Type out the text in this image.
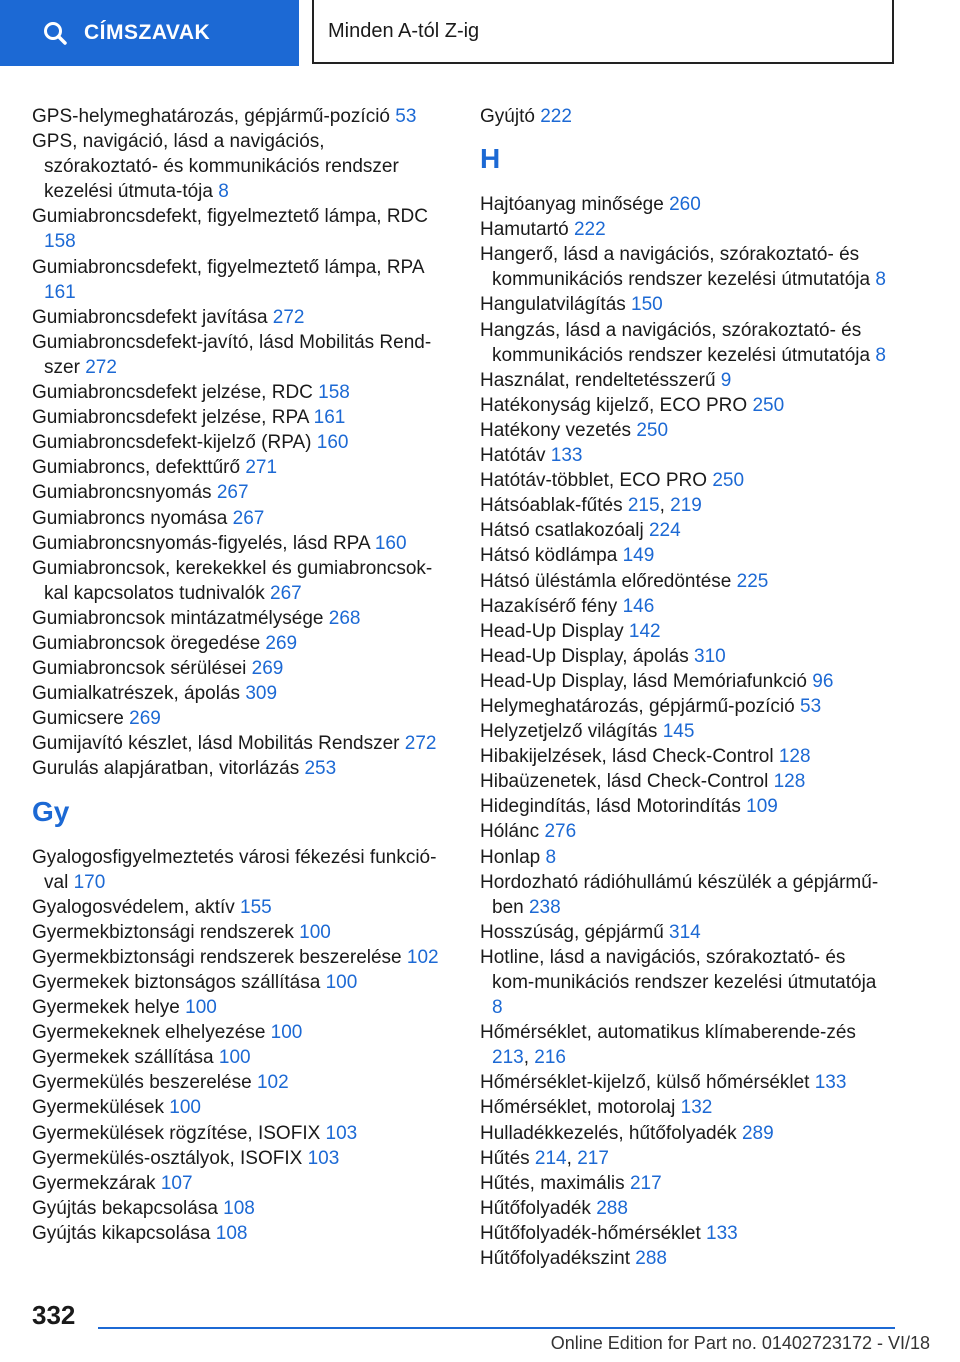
CÍMSZAVAK	Minden A-tól Z-ig
GPS-helymeghatározás, gépjármű-pozíció 53
GPS, navigáció, lásd a navigációs, szórakoztató- és kommunikációs rendszer kezelési útmuta-tója 8
Gumiabroncsdefekt, figyelmeztető lámpa, RDC 158
Gumiabroncsdefekt, figyelmeztető lámpa, RPA 161
Gumiabroncsdefekt javítása 272
Gumiabroncsdefekt-javító, lásd Mobilitás Rend-szer 272
Gumiabroncsdefekt jelzése, RDC 158
Gumiabroncsdefekt jelzése, RPA 161
Gumiabroncsdefekt-kijelző (RPA) 160
Gumiabroncs, defekttűrő 271
Gumiabroncsnyomás 267
Gumiabroncs nyomása 267
Gumiabroncsnyomás-figyelés, lásd RPA 160
Gumiabroncsok, kerekekkel és gumiabroncsok-kal kapcsolatos tudnivalók 267
Gumiabroncsok mintázatmélysége 268
Gumiabroncsok öregedése 269
Gumiabroncsok sérülései 269
Gumialkatrészek, ápolás 309
Gumicsere 269
Gumijavító készlet, lásd Mobilitás Rendszer 272
Gurulás alapjáratban, vitorlázás 253
Gy
Gyalogosfigyelmeztetés városi fékezési funkció-val 170
Gyalogosvédelem, aktív 155
Gyermekbiztonsági rendszerek 100
Gyermekbiztonsági rendszerek beszerelése 102
Gyermekek biztonságos szállítása 100
Gyermekek helye 100
Gyermekeknek elhelyezése 100
Gyermekek szállítása 100
Gyermekülés beszerelése 102
Gyermekülések 100
Gyermekülések rögzítése, ISOFIX 103
Gyermekülés-osztályok, ISOFIX 103
Gyermekzárak 107
Gyújtás bekapcsolása 108
Gyújtás kikapcsolása 108
Gyújtó 222
H
Hajtóanyag minősége 260
Hamutartó 222
Hangerő, lásd a navigációs, szórakoztató- és kommunikációs rendszer kezelési útmutatója 8
Hangulatvilágítás 150
Hangzás, lásd a navigációs, szórakoztató- és kommunikációs rendszer kezelési útmutatója 8
Használat, rendeltetésszerű 9
Hatékonyság kijelző, ECO PRO 250
Hatékony vezetés 250
Hatótáv 133
Hatótáv-többlet, ECO PRO 250
Hátsóablak-fűtés 215, 219
Hátsó csatlakozóalj 224
Hátsó ködlámpa 149
Hátsó üléstámla előredöntése 225
Hazakísérő fény 146
Head-Up Display 142
Head-Up Display, ápolás 310
Head-Up Display, lásd Memóriafunkció 96
Helymeghatározás, gépjármű-pozíció 53
Helyzetjelző világítás 145
Hibakijelzések, lásd Check-Control 128
Hibaüzenetek, lásd Check-Control 128
Hidegindítás, lásd Motorindítás 109
Hólánc 276
Honlap 8
Hordozható rádióhullámú készülék a gépjármű-ben 238
Hosszúság, gépjármű 314
Hotline, lásd a navigációs, szórakoztató- és kom-munikációs rendszer kezelési útmutatója 8
Hőmérséklet, automatikus klímaberende-zés 213, 216
Hőmérséklet-kijelző, külső hőmérséklet 133
Hőmérséklet, motorolaj 132
Hulladékkezelés, hűtőfolyadék 289
Hűtés 214, 217
Hűtés, maximális 217
Hűtőfolyadék 288
Hűtőfolyadék-hőmérséklet 133
Hűtőfolyadékszint 288
332
Online Edition for Part no. 01402723172 - VI/18
